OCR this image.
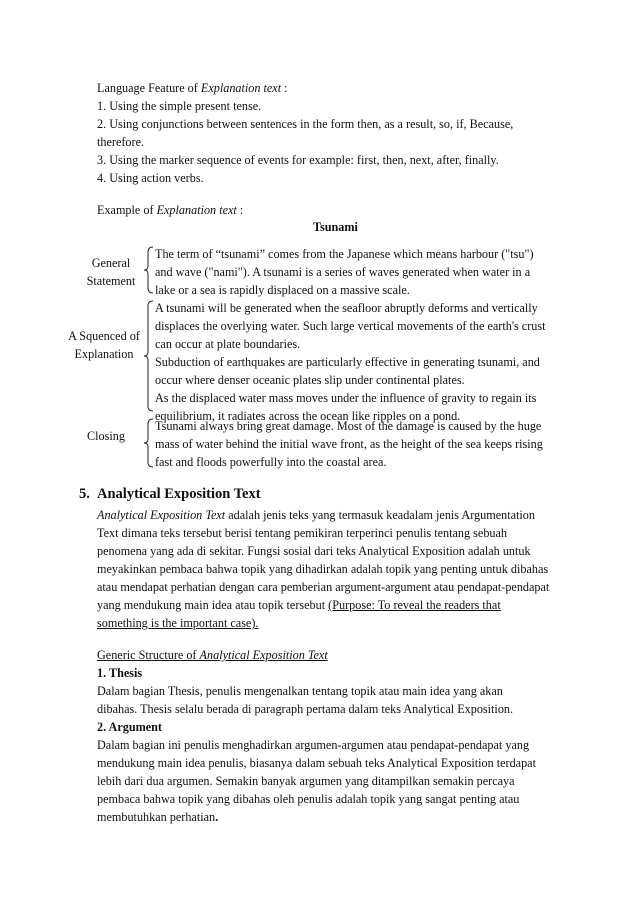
Language Feature of Explanation text :
1. Using the simple present tense.
2. Using conjunctions between sentences in the form then, as a result, so, if, Because,
therefore.
3. Using the marker sequence of events for example: first, then, next, after, finally.
4. Using action verbs.
Example of Explanation text :
Tsunami
General
Statement
The term of “tsunami” comes from the Japanese which means harbour ("tsu")
and wave ("nami"). A tsunami is a series of waves generated when water in a
lake or a sea is rapidly displaced on a massive scale.
A Squenced of
Explanation
A tsunami will be generated when the seafloor abruptly deforms and vertically
displaces the overlying water. Such large vertical movements of the earth's crust
can occur at plate boundaries.
Subduction of earthquakes are particularly effective in generating tsunami, and
occur where denser oceanic plates slip under continental plates.
As the displaced water mass moves under the influence of gravity to regain its
equilibrium, it radiates across the ocean like ripples on a pond.
Closing
Tsunami always bring great damage. Most of the damage is caused by the huge
mass of water behind the initial wave front, as the height of the sea keeps rising
fast and floods powerfully into the coastal area.
5. Analytical Exposition Text
Analytical Exposition Text adalah jenis teks yang termasuk keadalam jenis Argumentation
Text dimana teks tersebut berisi tentang pemikiran terperinci penulis tentang sebuah
penomena yang ada di sekitar. Fungsi sosial dari teks Analytical Exposition adalah untuk
meyakinkan pembaca bahwa topik yang dihadirkan adalah topik yang penting untuk dibahas
atau mendapat perhatian dengan cara pemberian argument-argument atau pendapat-pendapat
yang mendukung main idea atau topik tersebut (Purpose: To reveal the readers that
something is the important case).
Generic Structure of Analytical Exposition Text
1. Thesis
Dalam bagian Thesis, penulis mengenalkan tentang topik atau main idea yang akan
dibahas. Thesis selalu berada di paragraph pertama dalam teks Analytical Exposition.
2. Argument
Dalam bagian ini penulis menghadirkan argumen-argumen atau pendapat-pendapat yang
mendukung main idea penulis, biasanya dalam sebuah teks Analytical Exposition terdapat
lebih dari dua argumen. Semakin banyak argumen yang ditampilkan semakin percaya
pembaca bahwa topik yang dibahas oleh penulis adalah topik yang sangat penting atau
membutuhkan perhatian.
